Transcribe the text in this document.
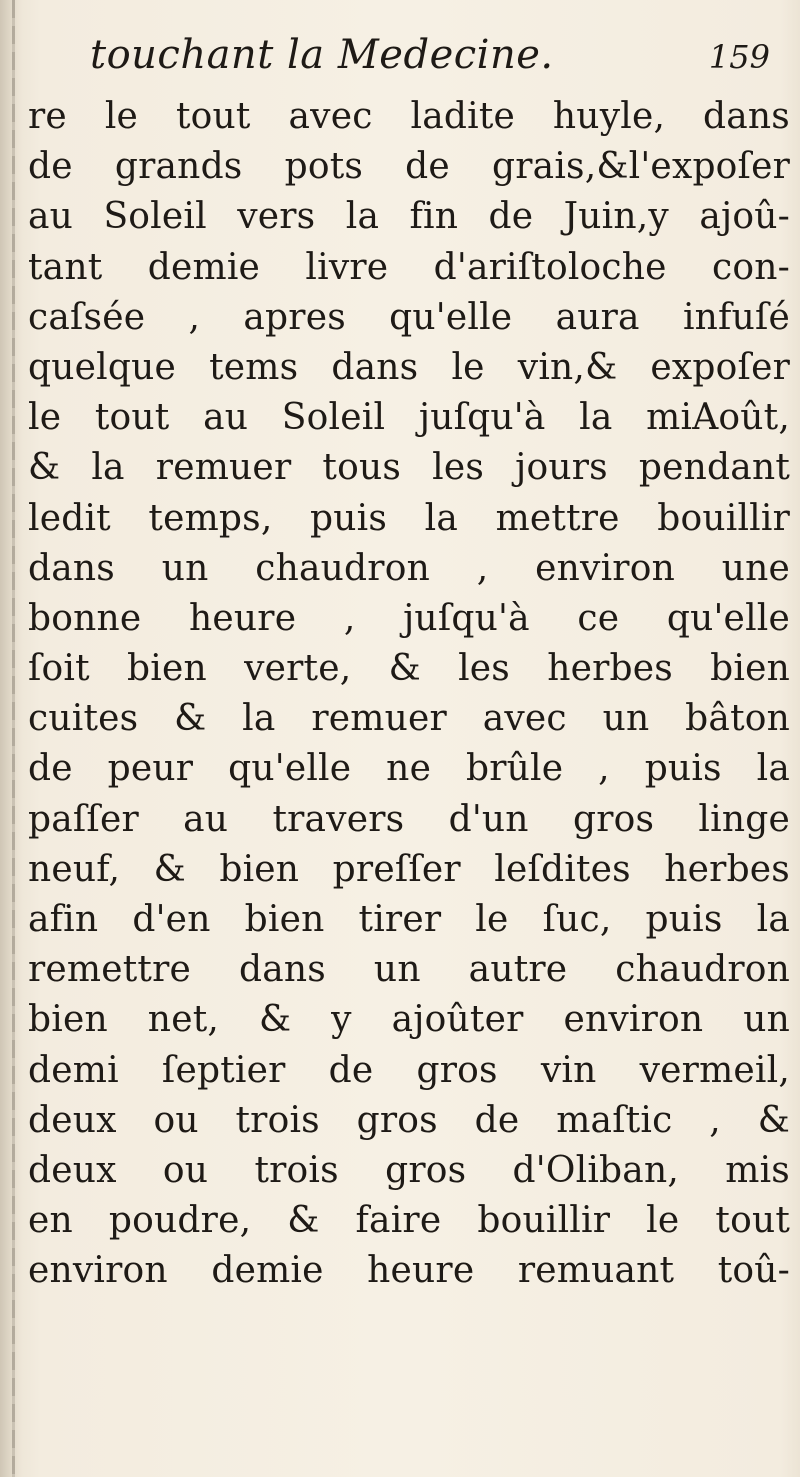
touchant la Medecine.	159
re le tout avec ladite huyle, dans
de grands pots de grais,&l'expoſer
au Soleil vers la fin de Juin,y ajoû-
tant demie livre d'ariſtoloche con-
caſsée , apres qu'elle aura infuſé
quelque tems dans le vin,& expoſer
le tout au Soleil juſqu'à la miAoût,
& la remuer tous les jours pendant
ledit temps, puis la mettre bouillir
dans un chaudron , environ une
bonne heure , juſqu'à ce qu'elle
ſoit bien verte, & les herbes bien
cuites & la remuer avec un bâton
de peur qu'elle ne brûle , puis la
paſſer au travers d'un gros linge
neuf, & bien preſſer leſdites herbes
afin d'en bien tirer le ſuc, puis la
remettre dans un autre chaudron
bien net, & y ajoûter environ un
demi ſeptier de gros vin vermeil,
deux ou trois gros de maſtic , &
deux ou trois gros d'Oliban, mis
en poudre, & faire bouillir le tout
environ demie heure remuant toû-
